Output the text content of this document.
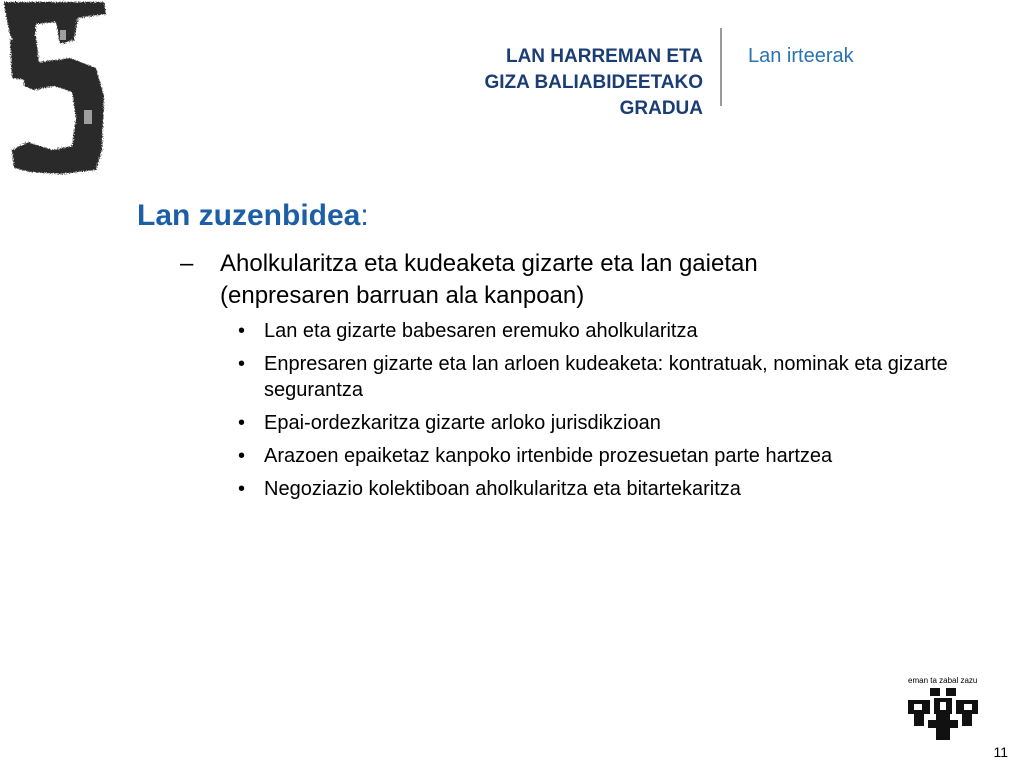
LAN HARREMAN ETA
GIZA BALIABIDEETAKO
GRADUA
Lan irteerak
Lan zuzenbidea:
– Aholkularitza eta kudeaketa gizarte eta lan gaietan (enpresaren barruan ala kanpoan)
• Lan eta gizarte babesaren eremuko aholkularitza
• Enpresaren gizarte eta lan arloen kudeaketa: kontratuak, nominak eta gizarte segurantza
• Epai-ordezkaritza gizarte arloko jurisdikzioan
• Arazoen epaiketaz kanpoko irtenbide prozesuetan parte hartzea
• Negoziazio kolektiboan aholkularitza eta bitartekaritza
eman ta zabal zazu
11
